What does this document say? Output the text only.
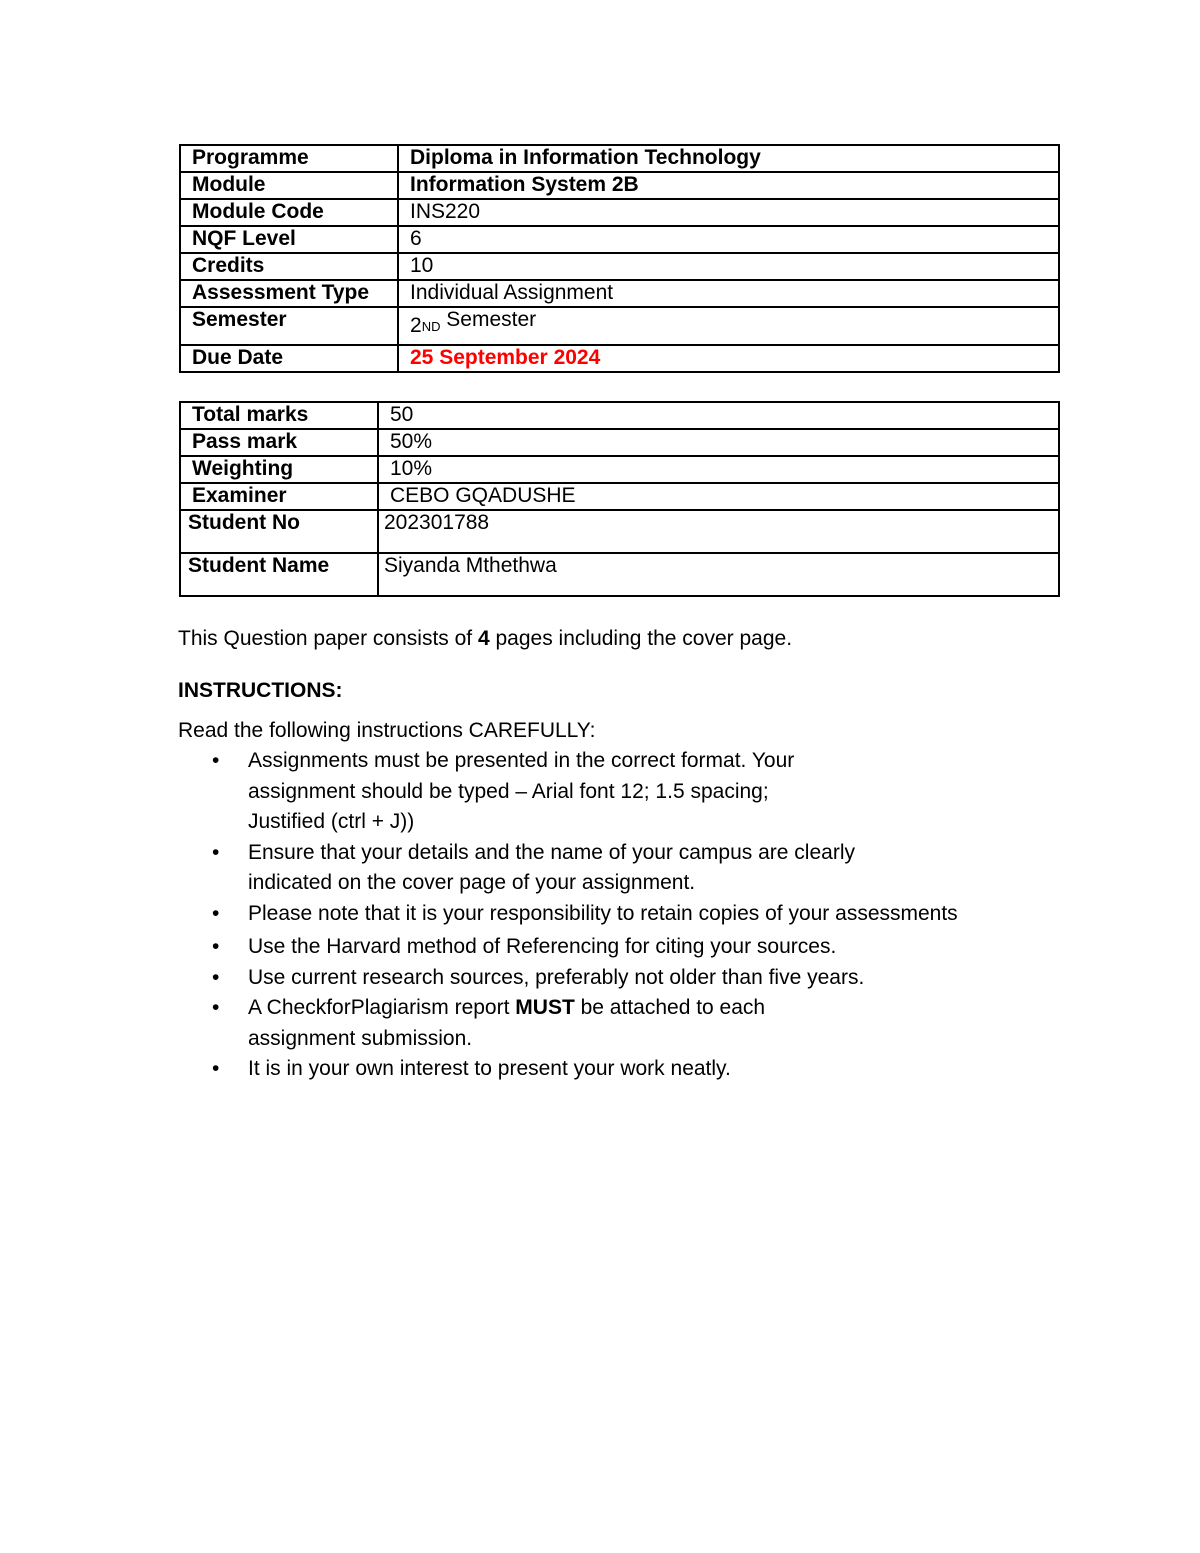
Programme	Diploma in Information Technology
Module	Information System 2B
Module Code	INS220
NQF Level	6
Credits	10
Assessment Type	Individual Assignment
Semester	2ND Semester
Due Date	25 September 2024
Total marks	50
Pass mark	50%
Weighting	10%
Examiner	CEBO GQADUSHE
Student No	202301788
Student Name	Siyanda Mthethwa

This Question paper consists of 4 pages including the cover page.

INSTRUCTIONS:

Read the following instructions CAREFULLY:

• Assignments must be presented in the correct format. Your
assignment should be typed – Arial font 12; 1.5 spacing;
Justified (ctrl + J))
• Ensure that your details and the name of your campus are clearly
indicated on the cover page of your assignment.
• Please note that it is your responsibility to retain copies of your assessments
• Use the Harvard method of Referencing for citing your sources.
• Use current research sources, preferably not older than five years.
• A CheckforPlagiarism report MUST be attached to each
assignment submission.
• It is in your own interest to present your work neatly.
